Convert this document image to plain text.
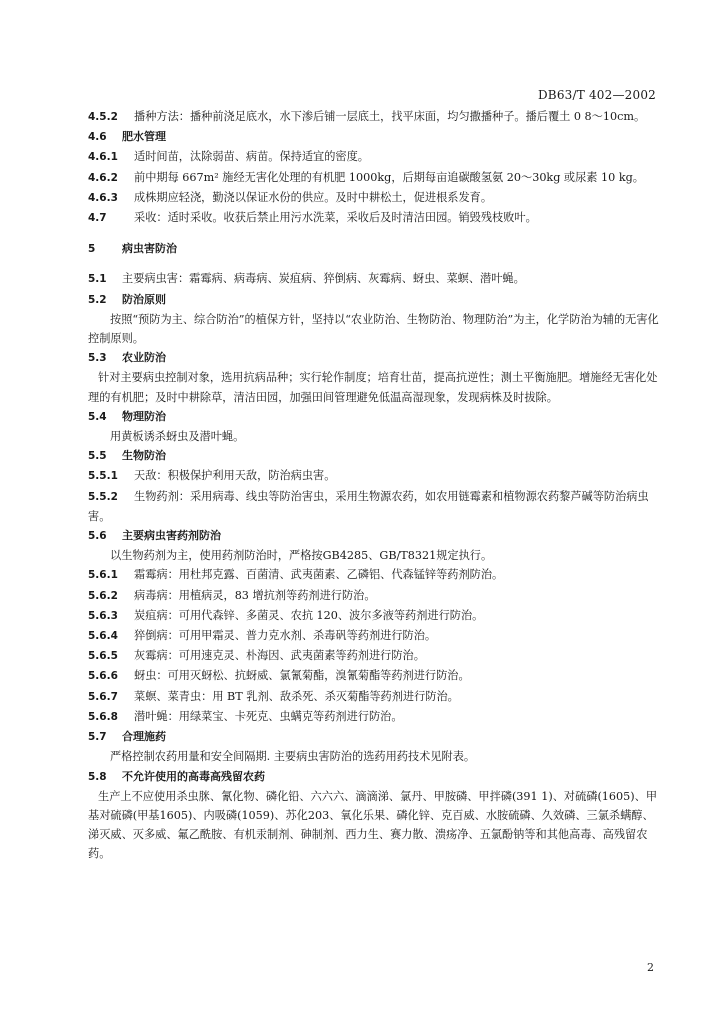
DB63/T 402—2002

4.5.2 播种方法：播种前浇足底水，水下渗后铺一层底土，找平床面，均匀撒播种子。播后覆土 0 8～10cm。

4.6 肥水管理

4.6.1 适时间苗，汰除弱苗、病苗。保持适宜的密度。

4.6.2 前中期每 667m² 施经无害化处理的有机肥 1000kg，后期每亩追碳酸氢氨 20～30kg 或尿素 10 kg。

4.6.3 成株期应轻浇，勤浇以保证水份的供应。及时中耕松土，促进根系发育。

4.7 采收：适时采收。收获后禁止用污水洗菜，采收后及时清洁田园。销毁残枝败叶。

5 病虫害防治

5.1 主要病虫害：霜霉病、病毒病、炭疽病、猝倒病、灰霉病、蚜虫、菜螟、潜叶蝇。

5.2 防治原则

按照“预防为主、综合防治”的植保方针，坚持以“农业防治、生物防治、物理防治”为主，化学防治为辅的无害化控制原则。

5.3 农业防治

针对主要病虫控制对象，选用抗病品种；实行轮作制度；培育壮苗，提高抗逆性；测土平衡施肥。增施经无害化处理的有机肥；及时中耕除草，清洁田园，加强田间管理避免低温高湿现象，发现病株及时拔除。

5.4 物理防治

用黄板诱杀蚜虫及潜叶蝇。

5.5 生物防治

5.5.1 天敌：积极保护利用天敌，防治病虫害。

5.5.2 生物药剂：采用病毒、线虫等防治害虫，采用生物源农药，如农用链霉素和植物源农药黎芦碱等防治病虫害。

5.6 主要病虫害药剂防治

以生物药剂为主，使用药剂防治时，严格按GB4285、GB/T8321规定执行。

5.6.1 霜霉病：用杜邦克露、百菌清、武夷菌素、乙磷铝、代森锰锌等药剂防治。

5.6.2 病毒病：用植病灵，83 增抗剂等药剂进行防治。

5.6.3 炭疽病：可用代森锌、多菌灵、农抗 120、波尔多液等药剂进行防治。

5.6.4 猝倒病：可用甲霜灵、普力克水剂、杀毒矾等药剂进行防治。

5.6.5 灰霉病：可用速克灵、朴海因、武夷菌素等药剂进行防治。

5.6.6 蚜虫：可用灭蚜松、抗蚜威、氯氰菊酯，溴氰菊酯等药剂进行防治。

5.6.7 菜螟、菜青虫：用 BT 乳剂、敌杀死、杀灭菊酯等药剂进行防治。

5.6.8 潜叶蝇：用绿菜宝、卡死克、虫螨克等药剂进行防治。

5.7 合理施药

严格控制农药用量和安全间隔期. 主要病虫害防治的选药用药技术见附表。

5.8 不允许使用的高毒高残留农药

生产上不应使用杀虫脒、氰化物、磷化铅、六六六、滴滴涕、氯丹、甲胺磷、甲拌磷(391 1)、对硫磷(1605)、甲基对硫磷(甲基1605)、内吸磷(1059)、苏化203、氧化乐果、磷化锌、克百威、水胺硫磷、久效磷、三氯杀螨醇、涕灭威、灭多威、氟乙酰胺、有机汞制剂、砷制剂、西力生、赛力散、溃疡净、五氯酚钠等和其他高毒、高残留农药。

2
